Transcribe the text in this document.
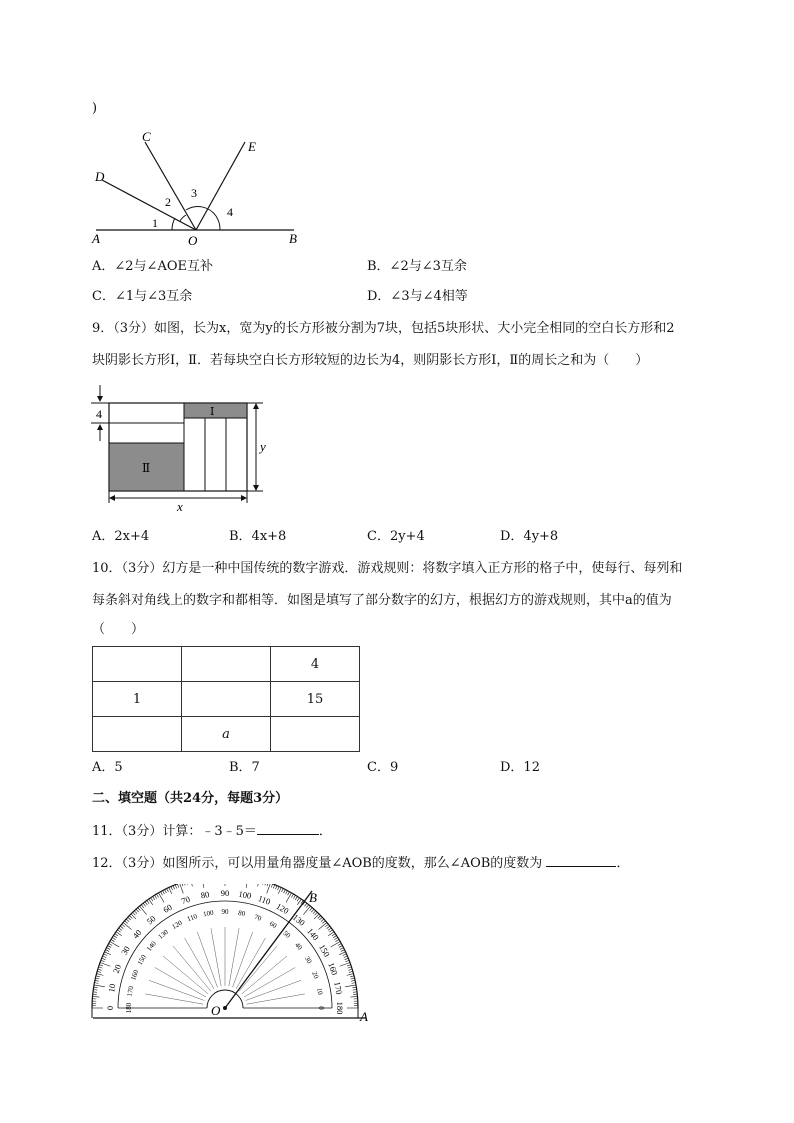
)
C
D
E
A	B
O
1
2
3
4
A．∠2与∠AOE互补	B．∠2与∠3互余
C．∠1与∠3互余	D．∠3与∠4相等
9．（3分）如图，长为x，宽为y的长方形被分割为7块，包括5块形状、大小完全相同的空白长方形和2
块阴影长方形Ⅰ，Ⅱ．若每块空白长方形较短的边长为4，则阴影长方形Ⅰ，Ⅱ的周长之和为（　　）
4
y
x
Ⅰ
Ⅱ
A．2x+4	B．4x+8	C．2y+4	D．4y+8
10．（3分）幻方是一种中国传统的数字游戏．游戏规则：将数字填入正方形的格子中，使每行、每列和
每条斜对角线上的数字和都相等．如图是填写了部分数字的幻方，根据幻方的游戏规则，其中a的值为
（　　）
		4
1		15
	a	
A．5	B．7	C．9	D．12
二、填空题（共24分，每题3分）
11．（3分）计算：﹣3﹣5＝	．
12．（3分）如图所示，可以用量角器度量∠AOB的度数，那么∠AOB的度数为	．
0
10
20
30
40
50
60
70 80 90 100 110
120
130
140
150
160
170
180
180
170
160
150
140
130
120
110 100 90 80 70
60
50
40
30
20
10
0
O	A
B
